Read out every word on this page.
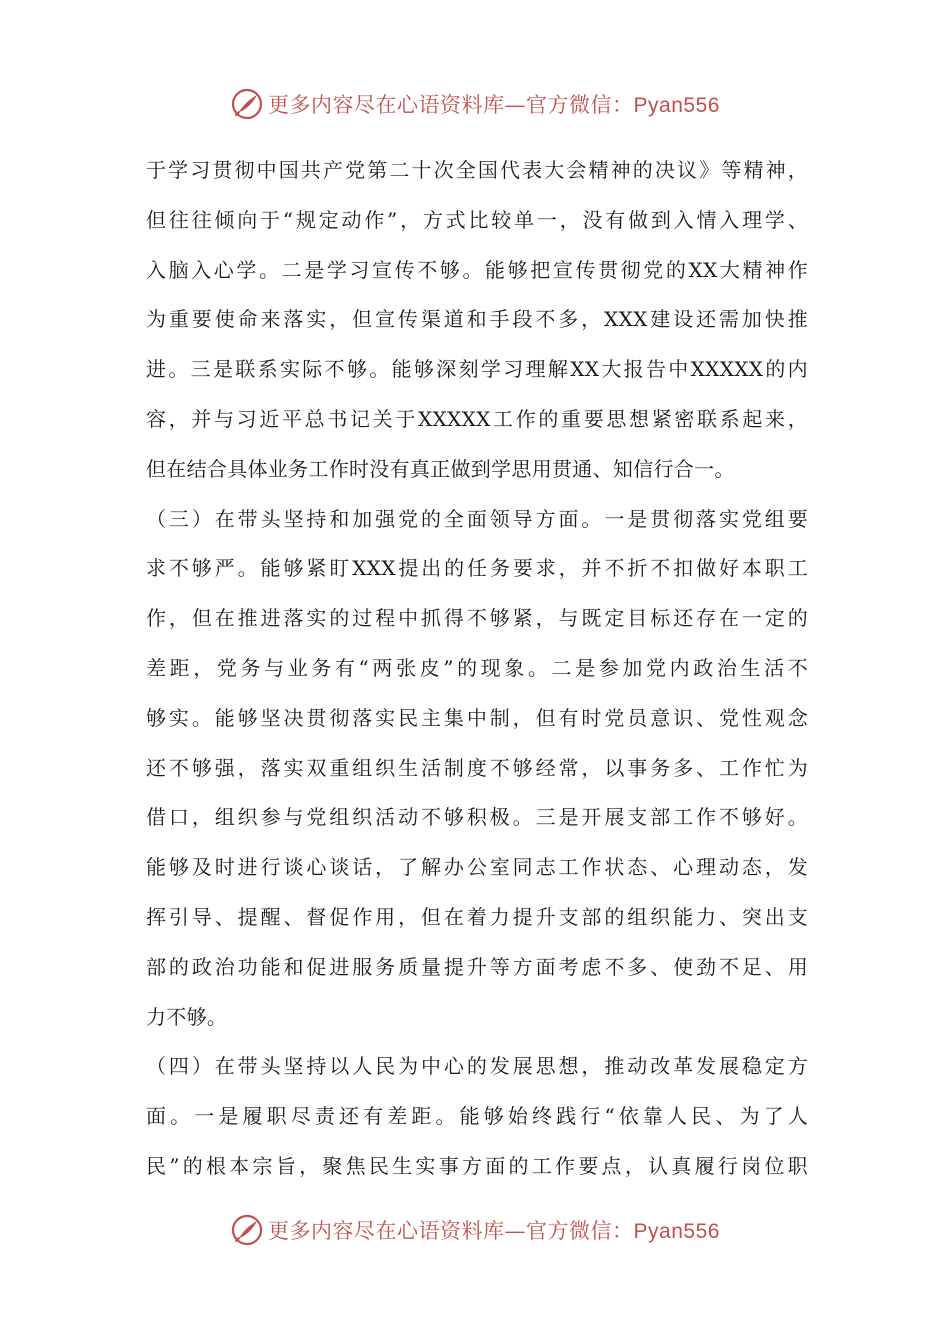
更多内容尽在心语资料库—官方微信：Pyan556
于学习贯彻中国共产党第二十次全国代表大会精神的决议》等精神，
但往往倾向于“规定动作”，方式比较单一，没有做到入情入理学、
入脑入心学。二是学习宣传不够。能够把宣传贯彻党的XX大精神作
为重要使命来落实，但宣传渠道和手段不多，XXX建设还需加快推
进。三是联系实际不够。能够深刻学习理解XX大报告中XXXXX的内
容，并与习近平总书记关于XXXXX工作的重要思想紧密联系起来，
但在结合具体业务工作时没有真正做到学思用贯通、知信行合一。
（三）在带头坚持和加强党的全面领导方面。一是贯彻落实党组要
求不够严。能够紧盯XXX提出的任务要求，并不折不扣做好本职工
作，但在推进落实的过程中抓得不够紧，与既定目标还存在一定的
差距，党务与业务有“两张皮”的现象。二是参加党内政治生活不
够实。能够坚决贯彻落实民主集中制，但有时党员意识、党性观念
还不够强，落实双重组织生活制度不够经常，以事务多、工作忙为
借口，组织参与党组织活动不够积极。三是开展支部工作不够好。
能够及时进行谈心谈话，了解办公室同志工作状态、心理动态，发
挥引导、提醒、督促作用，但在着力提升支部的组织能力、突出支
部的政治功能和促进服务质量提升等方面考虑不多、使劲不足、用
力不够。
（四）在带头坚持以人民为中心的发展思想，推动改革发展稳定方
面。一是履职尽责还有差距。能够始终践行“依靠人民、为了人
民”的根本宗旨，聚焦民生实事方面的工作要点，认真履行岗位职
更多内容尽在心语资料库—官方微信：Pyan556
